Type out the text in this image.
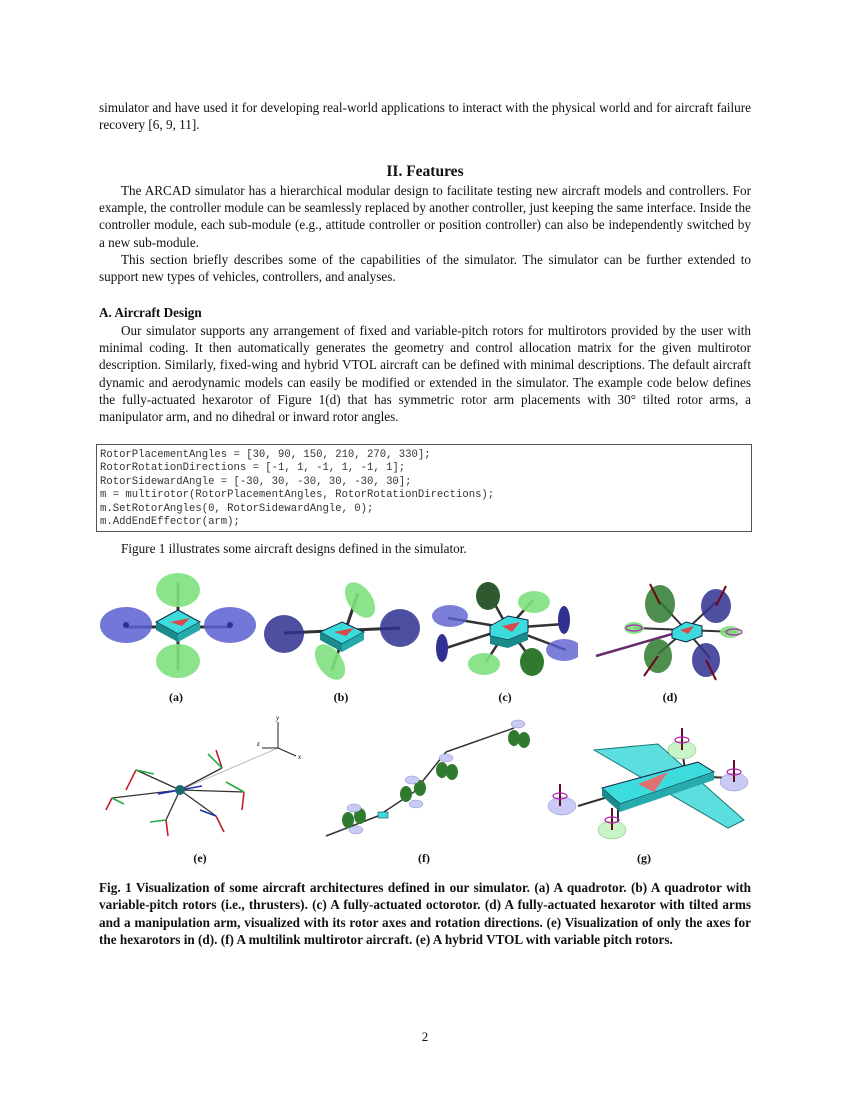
simulator and have used it for developing real-world applications to interact with the physical world and for aircraft failure recovery [6, 9, 11].

II. Features

The ARCAD simulator has a hierarchical modular design to facilitate testing new aircraft models and controllers. For example, the controller module can be seamlessly replaced by another controller, just keeping the same interface. Inside the controller module, each sub-module (e.g., attitude controller or position controller) can also be independently switched by a new sub-module.

This section briefly describes some of the capabilities of the simulator. The simulator can be further extended to support new types of vehicles, controllers, and analyses.

A. Aircraft Design

Our simulator supports any arrangement of fixed and variable-pitch rotors for multirotors provided by the user with minimal coding. It then automatically generates the geometry and control allocation matrix for the given multirotor description. Similarly, fixed-wing and hybrid VTOL aircraft can be defined with minimal descriptions. The default aircraft dynamic and aerodynamic models can easily be modified or extended in the simulator. The example code below defines the fully-actuated hexarotor of Figure 1(d) that has symmetric rotor arm placements with 30° tilted rotor arms, a manipulator arm, and no dihedral or inward rotor angles.

RotorPlacementAngles = [30, 90, 150, 210, 270, 330];
RotorRotationDirections = [-1, 1, -1, 1, -1, 1];
RotorSidewardAngle = [-30, 30, -30, 30, -30, 30];
m = multirotor(RotorPlacementAngles, RotorRotationDirections);
m.SetRotorAngles(0, RotorSidewardAngle, 0);
m.AddEndEffector(arm);

Figure 1 illustrates some aircraft designs defined in the simulator.

(a)	(b)	(c)	(d)
y
x
z
(e)	(f)	(g)

Fig. 1 Visualization of some aircraft architectures defined in our simulator. (a) A quadrotor. (b) A quadrotor with variable-pitch rotors (i.e., thrusters). (c) A fully-actuated octorotor. (d) A fully-actuated hexarotor with tilted arms and a manipulation arm, visualized with its rotor axes and rotation directions. (e) Visualization of only the axes for the hexarotors in (d). (f) A multilink multirotor aircraft. (e) A hybrid VTOL with variable pitch rotors.

2
